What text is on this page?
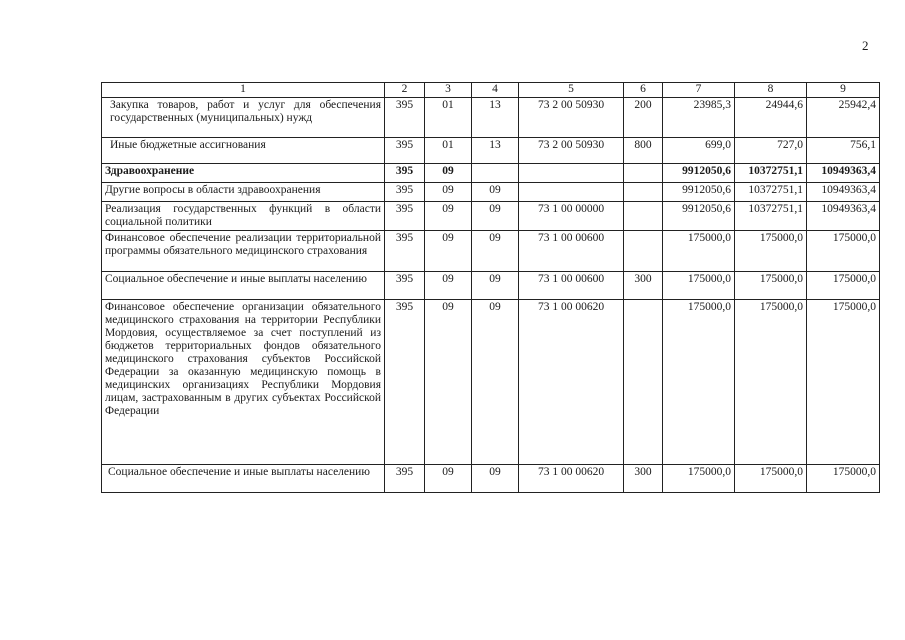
2
1	2	3	4	5	6	7	8	9
Закупка товаров, работ и услуг для обеспечения государственных (муниципальных) нужд	395	01	13	73 2 00 50930	200	23985,3	24944,6	25942,4
Иные бюджетные ассигнования	395	01	13	73 2 00 50930	800	699,0	727,0	756,1
Здравоохранение	395	09				9912050,6	10372751,1	10949363,4
Другие вопросы в области здравоохранения	395	09	09			9912050,6	10372751,1	10949363,4
Реализация государственных функций в области социальной политики	395	09	09	73 1 00 00000		9912050,6	10372751,1	10949363,4
Финансовое обеспечение реализации территориальной программы обязательного медицинского страхования	395	09	09	73 1 00 00600		175000,0	175000,0	175000,0
Социальное обеспечение и иные выплаты населению	395	09	09	73 1 00 00600	300	175000,0	175000,0	175000,0
Финансовое обеспечение организации обязательного медицинского страхования на территории Республики Мордовия, осуществляемое за счет поступлений из бюджетов территориальных фондов обязательного медицинского страхования субъектов Российской Федерации за оказанную медицинскую помощь в медицинских организациях Республики Мордовия лицам, застрахованным в других субъектах Российской Федерации	395	09	09	73 1 00 00620		175000,0	175000,0	175000,0
Социальное обеспечение и иные выплаты населению	395	09	09	73 1 00 00620	300	175000,0	175000,0	175000,0
